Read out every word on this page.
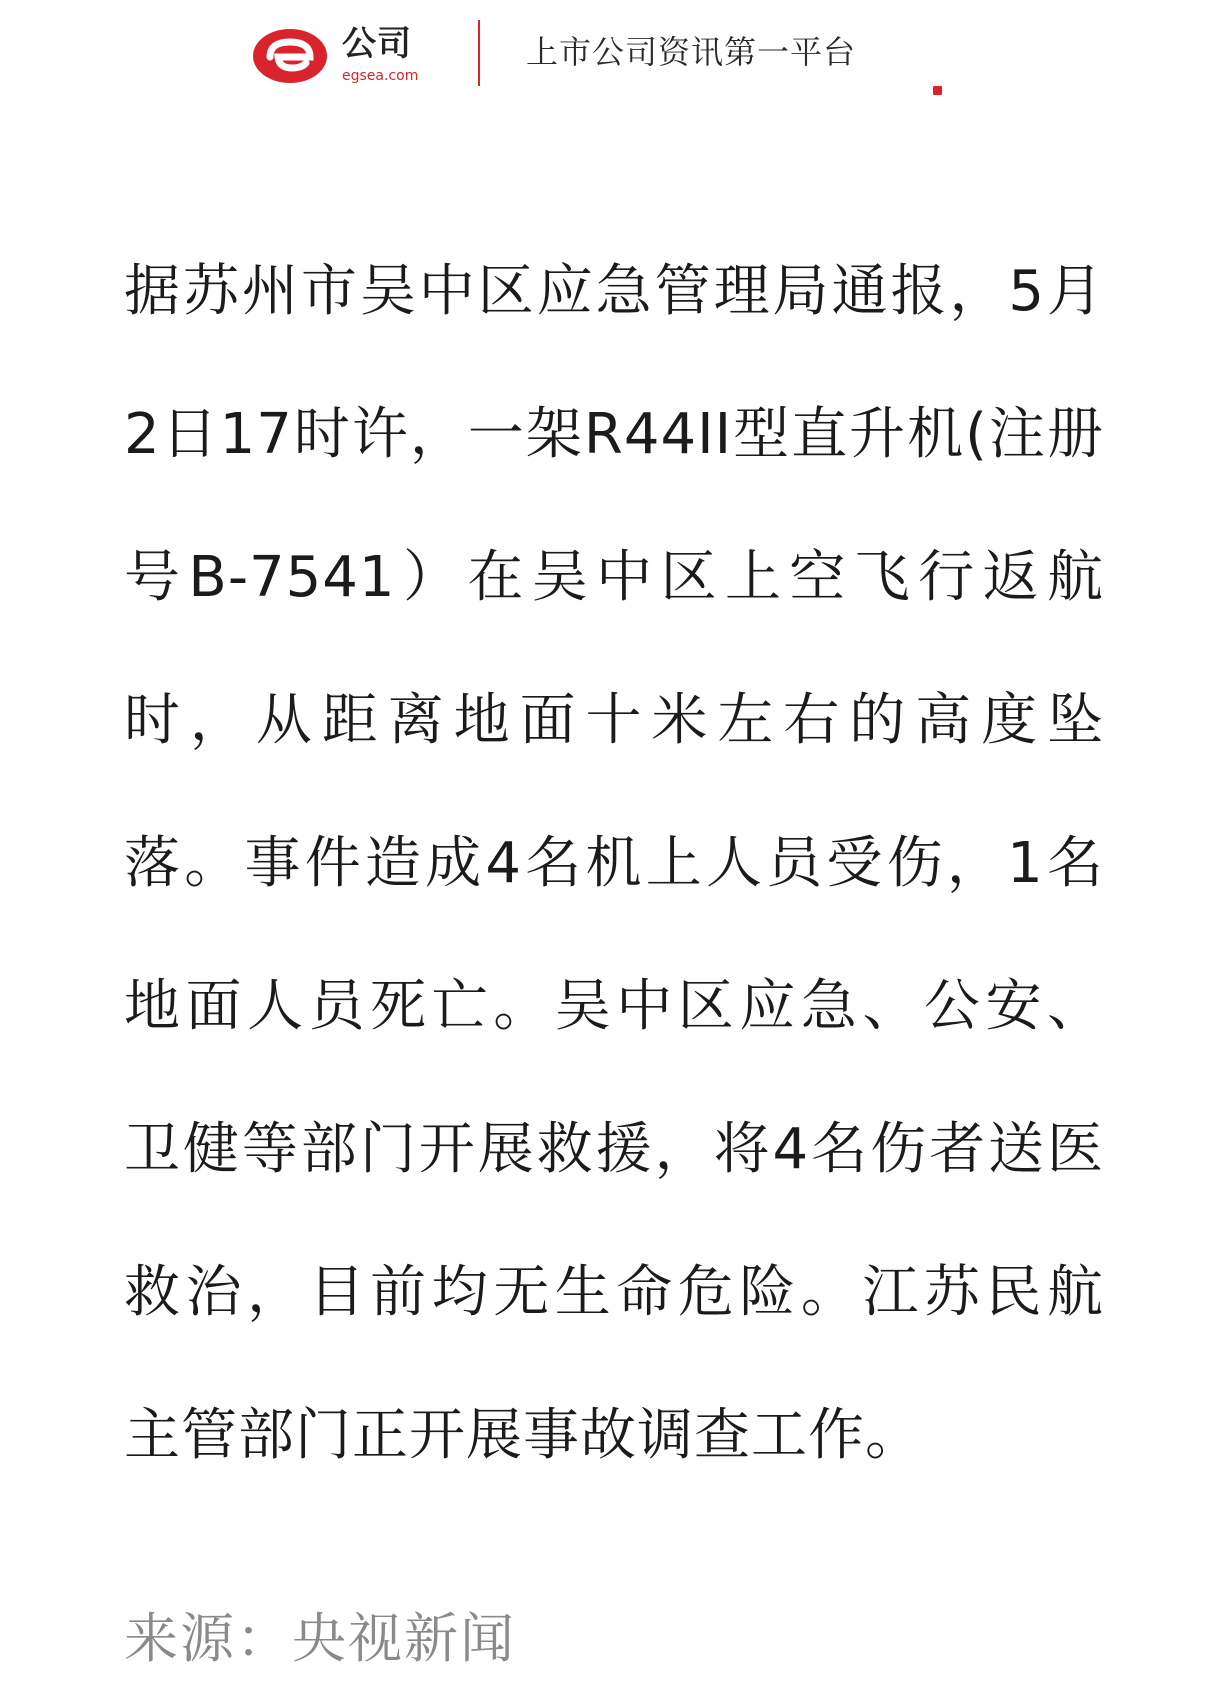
公司
egsea.com
上市公司资讯第一平台
据苏州市吴中区应急管理局通报，5月
2日17时许，一架R44II型直升机(注册
号B-7541）在吴中区上空飞行返航
时，从距离地面十米左右的高度坠
落。事件造成4名机上人员受伤，1名
地面人员死亡。吴中区应急、公安、
卫健等部门开展救援，将4名伤者送医
救治，目前均无生命危险。江苏民航
主管部门正开展事故调查工作。
来源：央视新闻
